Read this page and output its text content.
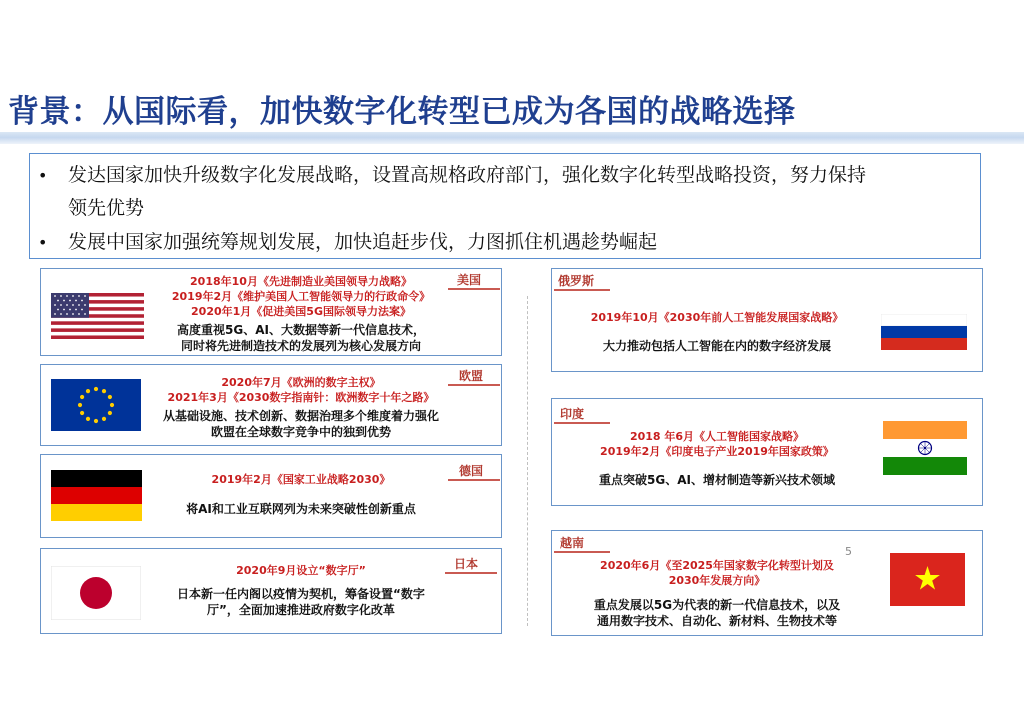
背景：从国际看，加快数字化转型已成为各国的战略选择
• 发达国家加快升级数字化发展战略，设置高规格政府部门，强化数字化转型战略投资，努力保持
领先优势
• 发展中国家加强统筹规划发展，加快追赶步伐，力图抓住机遇趁势崛起
2018年10月《先进制造业美国领导力战略》
2019年2月《维护美国人工智能领导力的行政命令》
2020年1月《促进美国5G国际领导力法案》
高度重视5G、AI、大数据等新一代信息技术，
同时将先进制造技术的发展列为核心发展方向
美国
2020年7月《欧洲的数字主权》
2021年3月《2030数字指南针：欧洲数字十年之路》
从基础设施、技术创新、数据治理多个维度着力强化
欧盟在全球数字竞争中的独到优势
欧盟
2019年2月《国家工业战略2030》
将AI和工业互联网列为未来突破性创新重点
德国
2020年9月设立“数字厅”
日本新一任内阁以疫情为契机，筹备设置“数字
厅”，全面加速推进政府数字化改革
日本
俄罗斯
2019年10月《2030年前人工智能发展国家战略》
大力推动包括人工智能在内的数字经济发展
印度
2018 年6月《人工智能国家战略》
2019年2月《印度电子产业2019年国家政策》
重点突破5G、AI、增材制造等新兴技术领域
越南
2020年6月《至2025年国家数字化转型计划及
2030年发展方向》
重点发展以5G为代表的新一代信息技术，以及
通用数字技术、自动化、新材料、生物技术等
5
